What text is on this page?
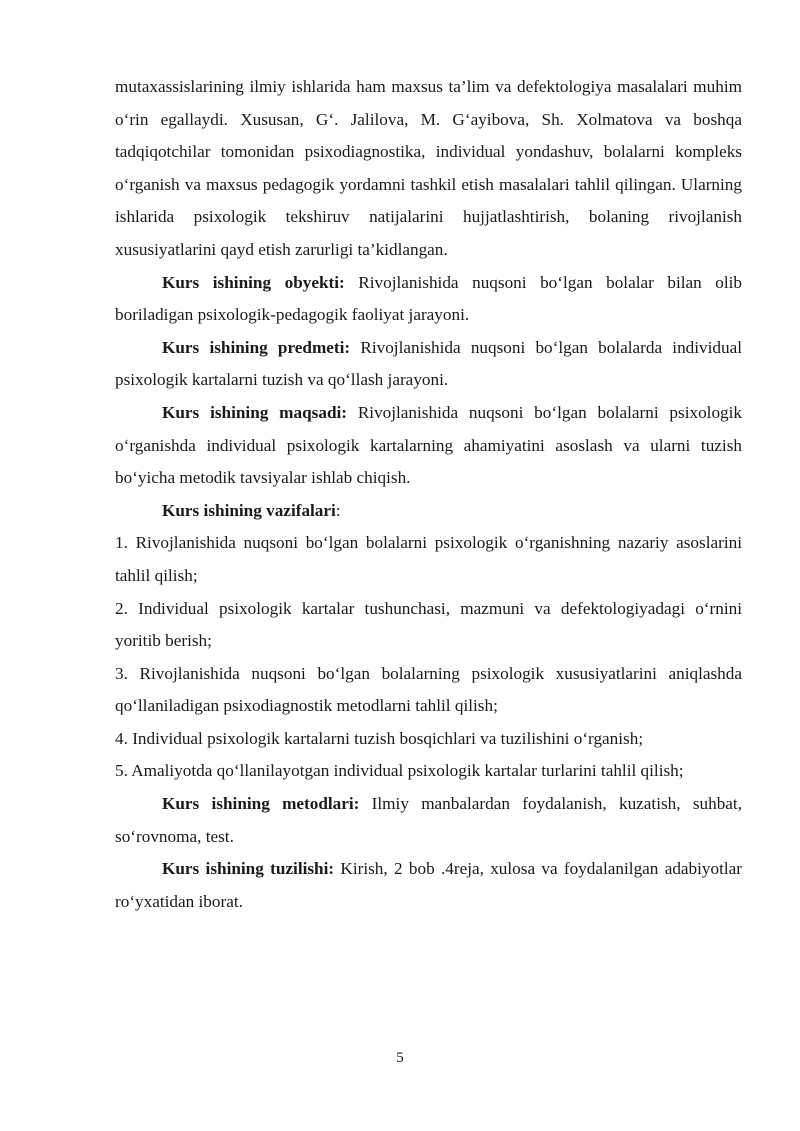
mutaxassislarining ilmiy ishlarida ham maxsus ta’lim va defektologiya masalalari muhim o‘rin egallaydi. Xususan, G‘. Jalilova, M. G‘ayibova, Sh. Xolmatova va boshqa tadqiqotchilar tomonidan psixodiagnostika, individual yondashuv, bolalarni kompleks o‘rganish va maxsus pedagogik yordamni tashkil etish masalalari tahlil qilingan. Ularning ishlarida psixologik tekshiruv natijalarini hujjatlashtirish, bolaning rivojlanish xususiyatlarini qayd etish zarurligi ta’kidlangan.

Kurs ishining obyekti: Rivojlanishida nuqsoni bo‘lgan bolalar bilan olib boriladigan psixologik-pedagogik faoliyat jarayoni.

Kurs ishining predmeti: Rivojlanishida nuqsoni bo‘lgan bolalarda individual psixologik kartalarni tuzish va qo‘llash jarayoni.

Kurs ishining maqsadi: Rivojlanishida nuqsoni bo‘lgan bolalarni psixologik o‘rganishda individual psixologik kartalarning ahamiyatini asoslash va ularni tuzish bo‘yicha metodik tavsiyalar ishlab chiqish.

Kurs ishining vazifalari:

1. Rivojlanishida nuqsoni bo‘lgan bolalarni psixologik o‘rganishning nazariy asoslarini tahlil qilish;

2. Individual psixologik kartalar tushunchasi, mazmuni va defektologiyadagi o‘rnini yoritib berish;

3. Rivojlanishida nuqsoni bo‘lgan bolalarning psixologik xususiyatlarini aniqlashda qo‘llaniladigan psixodiagnostik metodlarni tahlil qilish;

4. Individual psixologik kartalarni tuzish bosqichlari va tuzilishini o‘rganish;

5. Amaliyotda qo‘llanilayotgan individual psixologik kartalar turlarini tahlil qilish;

Kurs ishining metodlari: Ilmiy manbalardan foydalanish, kuzatish, suhbat, so‘rovnoma, test.

Kurs ishining tuzilishi: Kirish, 2 bob .4reja, xulosa va foydalanilgan adabiyotlar ro‘yxatidan iborat.

5
